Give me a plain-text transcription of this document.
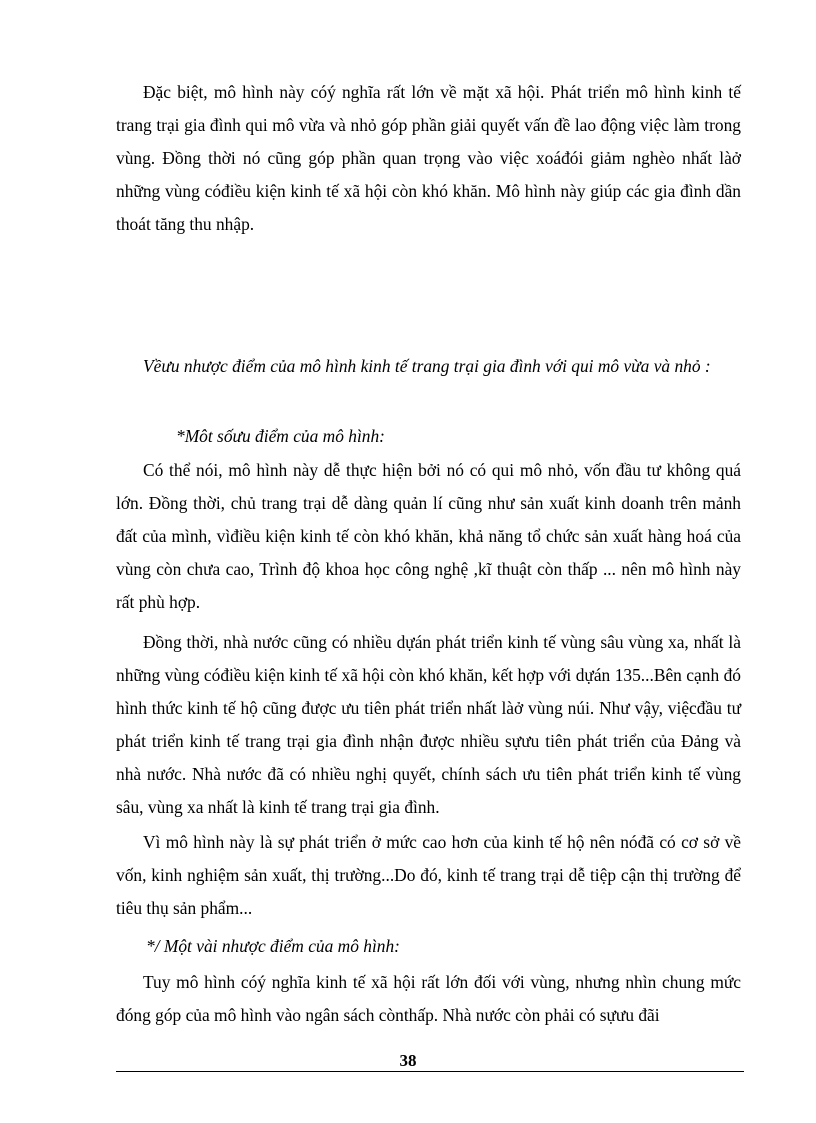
Đặc biệt, mô hình này cóý nghĩa rất lớn về mặt xã hội. Phát triển mô hình kinh tế trang trại gia đình qui mô vừa và nhỏ góp phần giải quyết vấn đề lao động việc làm trong vùng. Đồng thời nó cũng góp phần quan trọng vào việc xoáđói giảm nghèo nhất làở những vùng cóđiều kiện kinh tế xã hội còn khó khăn. Mô hình này giúp các gia đình dần thoát tăng thu nhập.

Vềưu nhược điểm của mô hình kinh tế trang trại gia đình với qui mô vừa và nhỏ :

*Môt sốưu điểm của mô hình:

Có thể nói, mô hình này dễ thực hiện bởi nó có qui mô nhỏ, vốn đầu tư không quá lớn. Đồng thời, chủ trang trại dễ dàng quản lí cũng như sản xuất kinh doanh trên mảnh đất của mình, vìđiều kiện kinh tế còn khó khăn, khả năng tổ chức sản xuất hàng hoá của vùng còn chưa cao, Trình độ khoa học công nghệ ,kĩ thuật còn thấp ... nên mô hình này rất phù hợp.

Đồng thời, nhà nước cũng có nhiều dựán phát triển kinh tế vùng sâu vùng xa, nhất là những vùng cóđiều kiện kinh tế xã hội còn khó khăn, kết hợp với dựán 135...Bên cạnh đó hình thức kinh tế hộ cũng được ưu tiên phát triển nhất làở vùng núi. Như vậy, việcđầu tư phát triển kinh tế trang trại gia đình nhận được nhiều sựưu tiên phát triển của Đảng và nhà nước. Nhà nước đã có nhiều nghị quyết, chính sách ưu tiên phát triển kinh tế vùng sâu, vùng xa nhất là kinh tế trang trại gia đình.

Vì mô hình này là sự phát triển ở mức cao hơn của kinh tế hộ nên nóđã có cơ sở về vốn, kinh nghiệm sản xuất, thị trường...Do đó, kinh tế trang trại dễ tiệp cận thị trường để tiêu thụ sản phẩm...

*/ Một vài nhược điểm của mô hình:

Tuy mô hình cóý nghĩa kinh tế xã hội rất lớn đối với vùng, nhưng nhìn chung mức đóng góp của mô hình vào ngân sách cònthấp. Nhà nước còn phải có sựưu đãi

38
